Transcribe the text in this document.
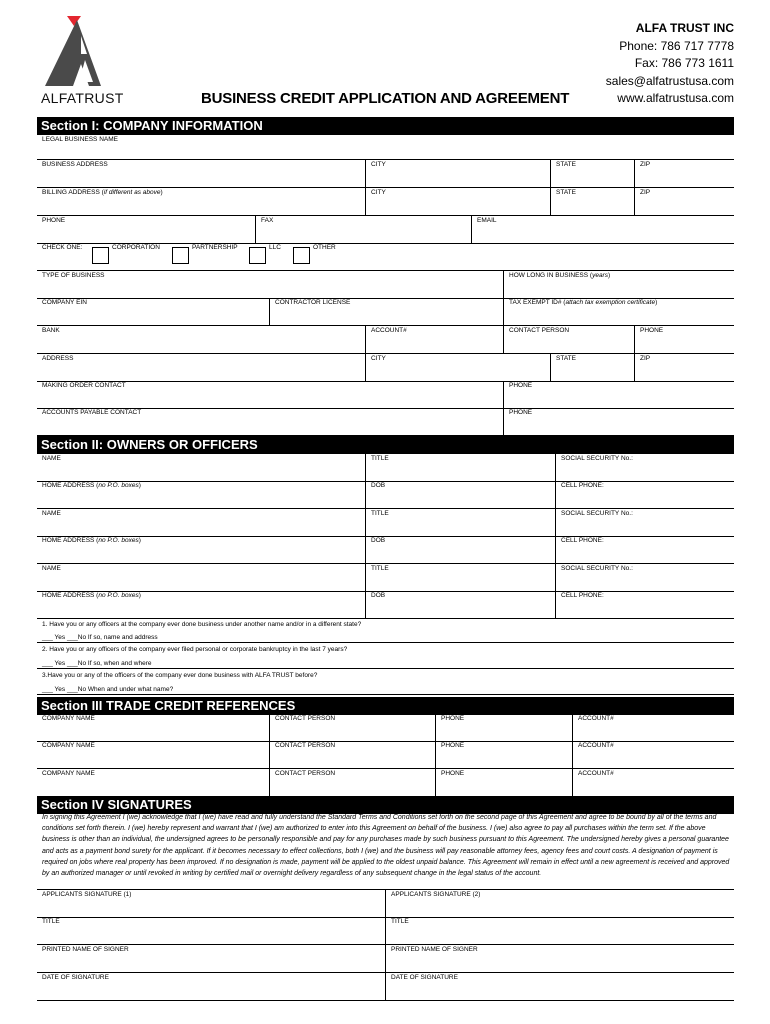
ALFATRUST	BUSINESS CREDIT APPLICATION AND AGREEMENT
ALFA TRUST INC
Phone: 786 717 7778
Fax: 786 773 1611
sales@alfatrustusa.com
www.alfatrustusa.com
Section I: COMPANY INFORMATION
LEGAL BUSINESS NAME
BUSINESS ADDRESS	CITY	STATE	ZIP
BILLING ADDRESS (if different as above)	CITY	STATE	ZIP
PHONE	FAX	EMAIL
CHECK ONE:	CORPORATION	PARTNERSHIP	LLC	OTHER
TYPE OF BUSINESS	HOW LONG IN BUSINESS (years)
COMPANY EIN	CONTRACTOR LICENSE	TAX EXEMPT ID# (attach tax exemption certificate)
BANK	ACCOUNT#	CONTACT PERSON	PHONE
ADDRESS	CITY	STATE	ZIP
MAKING ORDER CONTACT	PHONE
ACCOUNTS PAYABLE CONTACT	PHONE
Section II: OWNERS OR OFFICERS
NAME	TITLE	SOCIAL SECURITY No.:
HOME ADDRESS (no P.O. boxes)	DOB	CELL PHONE:
NAME	TITLE	SOCIAL SECURITY No.:
HOME ADDRESS (no P.O. boxes)	DOB	CELL PHONE:
NAME	TITLE	SOCIAL SECURITY No.:
HOME ADDRESS (no P.O. boxes)	DOB	CELL PHONE:
1. Have you or any officers at the company ever done business under another name and/or in a different state?
___ Yes ___No If so, name and address
2. Have you or any officers of the company ever filed personal or corporate bankruptcy in the last 7 years?
___ Yes ___No If so, when and where
3.Have you or any of the officers of the company ever done business with ALFA TRUST before?
___ Yes ___No When and under what name?
Section III TRADE CREDIT REFERENCES
COMPANY NAME	CONTACT PERSON	PHONE	ACCOUNT#
COMPANY NAME	CONTACT PERSON	PHONE	ACCOUNT#
COMPANY NAME	CONTACT PERSON	PHONE	ACCOUNT#
Section IV SIGNATURES
In signing this Agreement I (we) acknowledge that I (we) have read and fully understand the Standard Terms and Conditions set forth on the second page of this Agreement and agree to be bound by all of the terms and conditions set forth therein. I (we) hereby represent and warrant that I (we) am authorized to enter into this Agreement on behalf of the business. I (we) also agree to pay all purchases within the term set. If the above business is other than an individual, the undersigned agrees to be personally responsible and pay for any purchases made by such business pursuant to this Agreement. The undersigned hereby gives a personal guarantee and acts as a payment bond surety for the applicant. If it becomes necessary to effect collections, both I (we) and the business will pay reasonable attorney fees, agency fees and court costs. A designation of payment is required on jobs where real property has been improved. If no designation is made, payment will be applied to the oldest unpaid balance. This Agreement will remain in effect until a new agreement is received and approved by an authorized manager or until revoked in writing by certified mail or overnight delivery regardless of any subsequent change in the legal status of the account.
APPLICANTS SIGNATURE (1)	APPLICANTS SIGNATURE (2)
TITLE	TITLE
PRINTED NAME OF SIGNER	PRINTED NAME OF SIGNER
DATE OF SIGNATURE	DATE OF SIGNATURE
